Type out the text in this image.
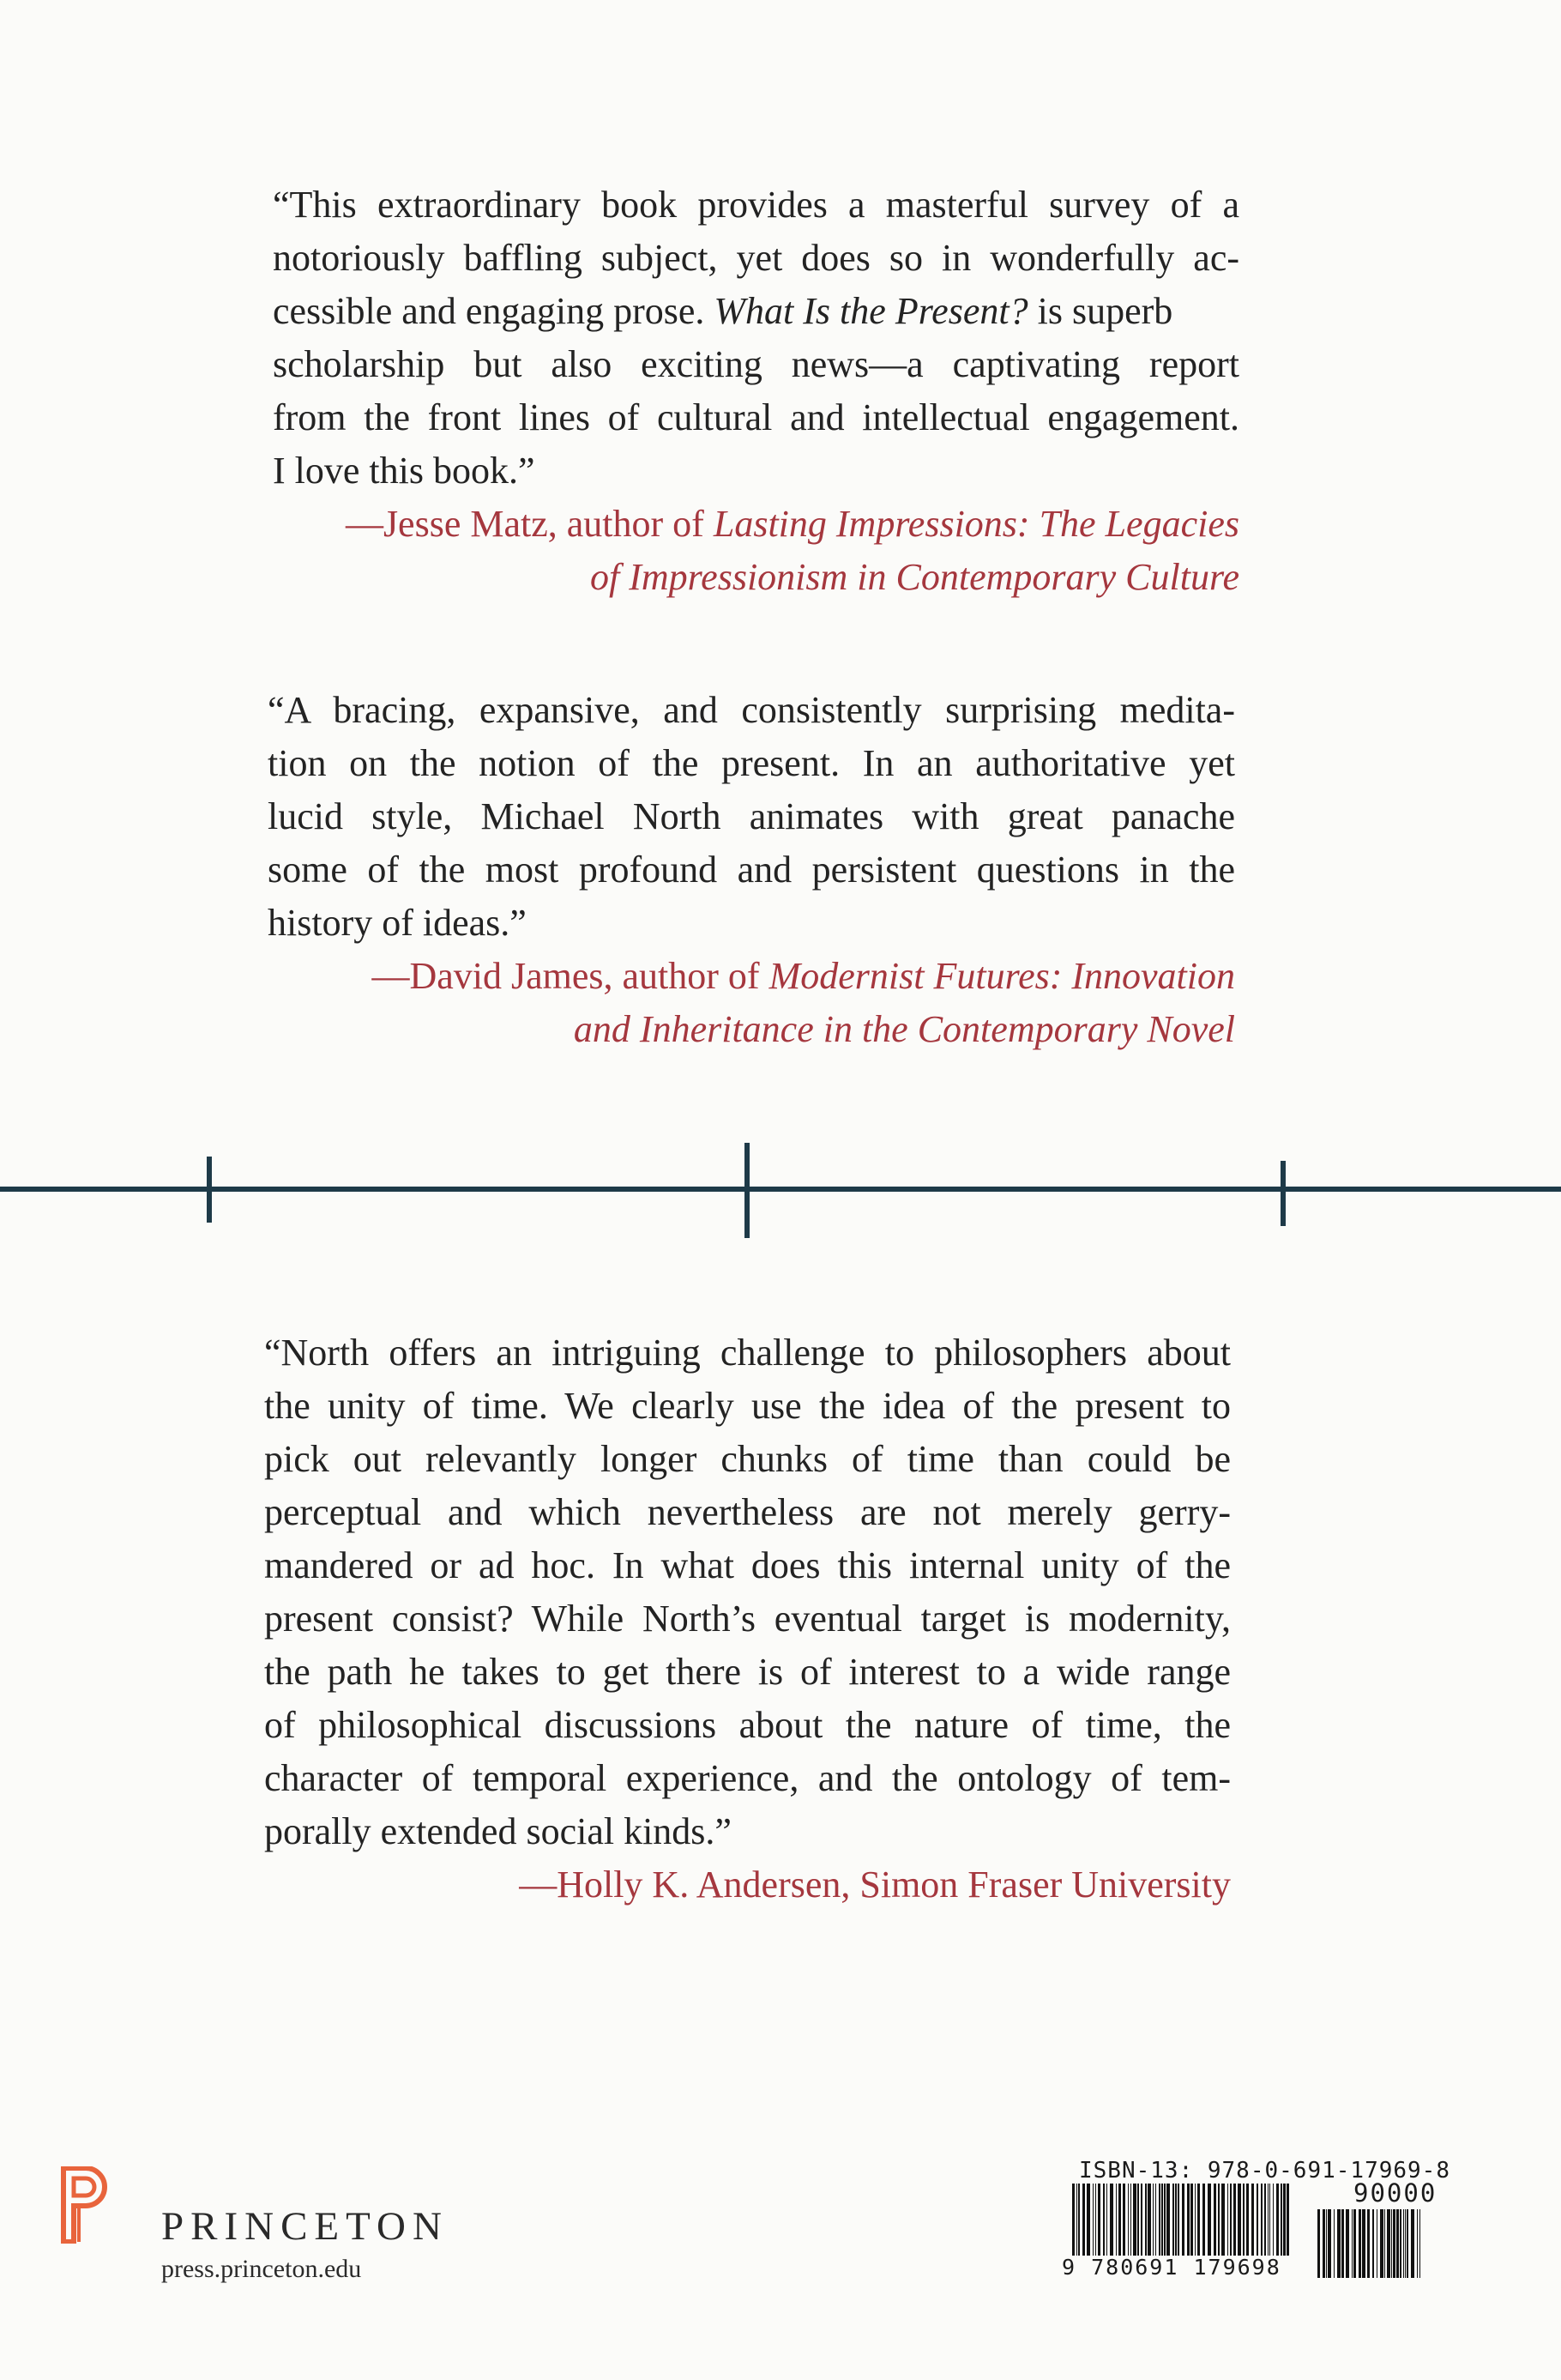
“This extraordinary book provides a masterful survey of a
notoriously baffling subject, yet does so in wonderfully ac-
cessible and engaging prose. What Is the Present? is superb
scholarship but also exciting news—a captivating report
from the front lines of cultural and intellectual engagement.
I love this book.”
—Jesse Matz, author of Lasting Impressions: The Legacies
of Impressionism in Contemporary Culture
“A bracing, expansive, and consistently surprising medita-
tion on the notion of the present. In an authoritative yet
lucid style, Michael North animates with great panache
some of the most profound and persistent questions in the
history of ideas.”
—David James, author of Modernist Futures: Innovation
and Inheritance in the Contemporary Novel
“North offers an intriguing challenge to philosophers about
the unity of time. We clearly use the idea of the present to
pick out relevantly longer chunks of time than could be
perceptual and which nevertheless are not merely gerry-
mandered or ad hoc. In what does this internal unity of the
present consist? While North’s eventual target is modernity,
the path he takes to get there is of interest to a wide range
of philosophical discussions about the nature of time, the
character of temporal experience, and the ontology of tem-
porally extended social kinds.”
—Holly K. Andersen, Simon Fraser University
PRINCETON
press.princeton.edu
ISBN-13: 978-0-691-17969-8
90000
9 780691 179698
